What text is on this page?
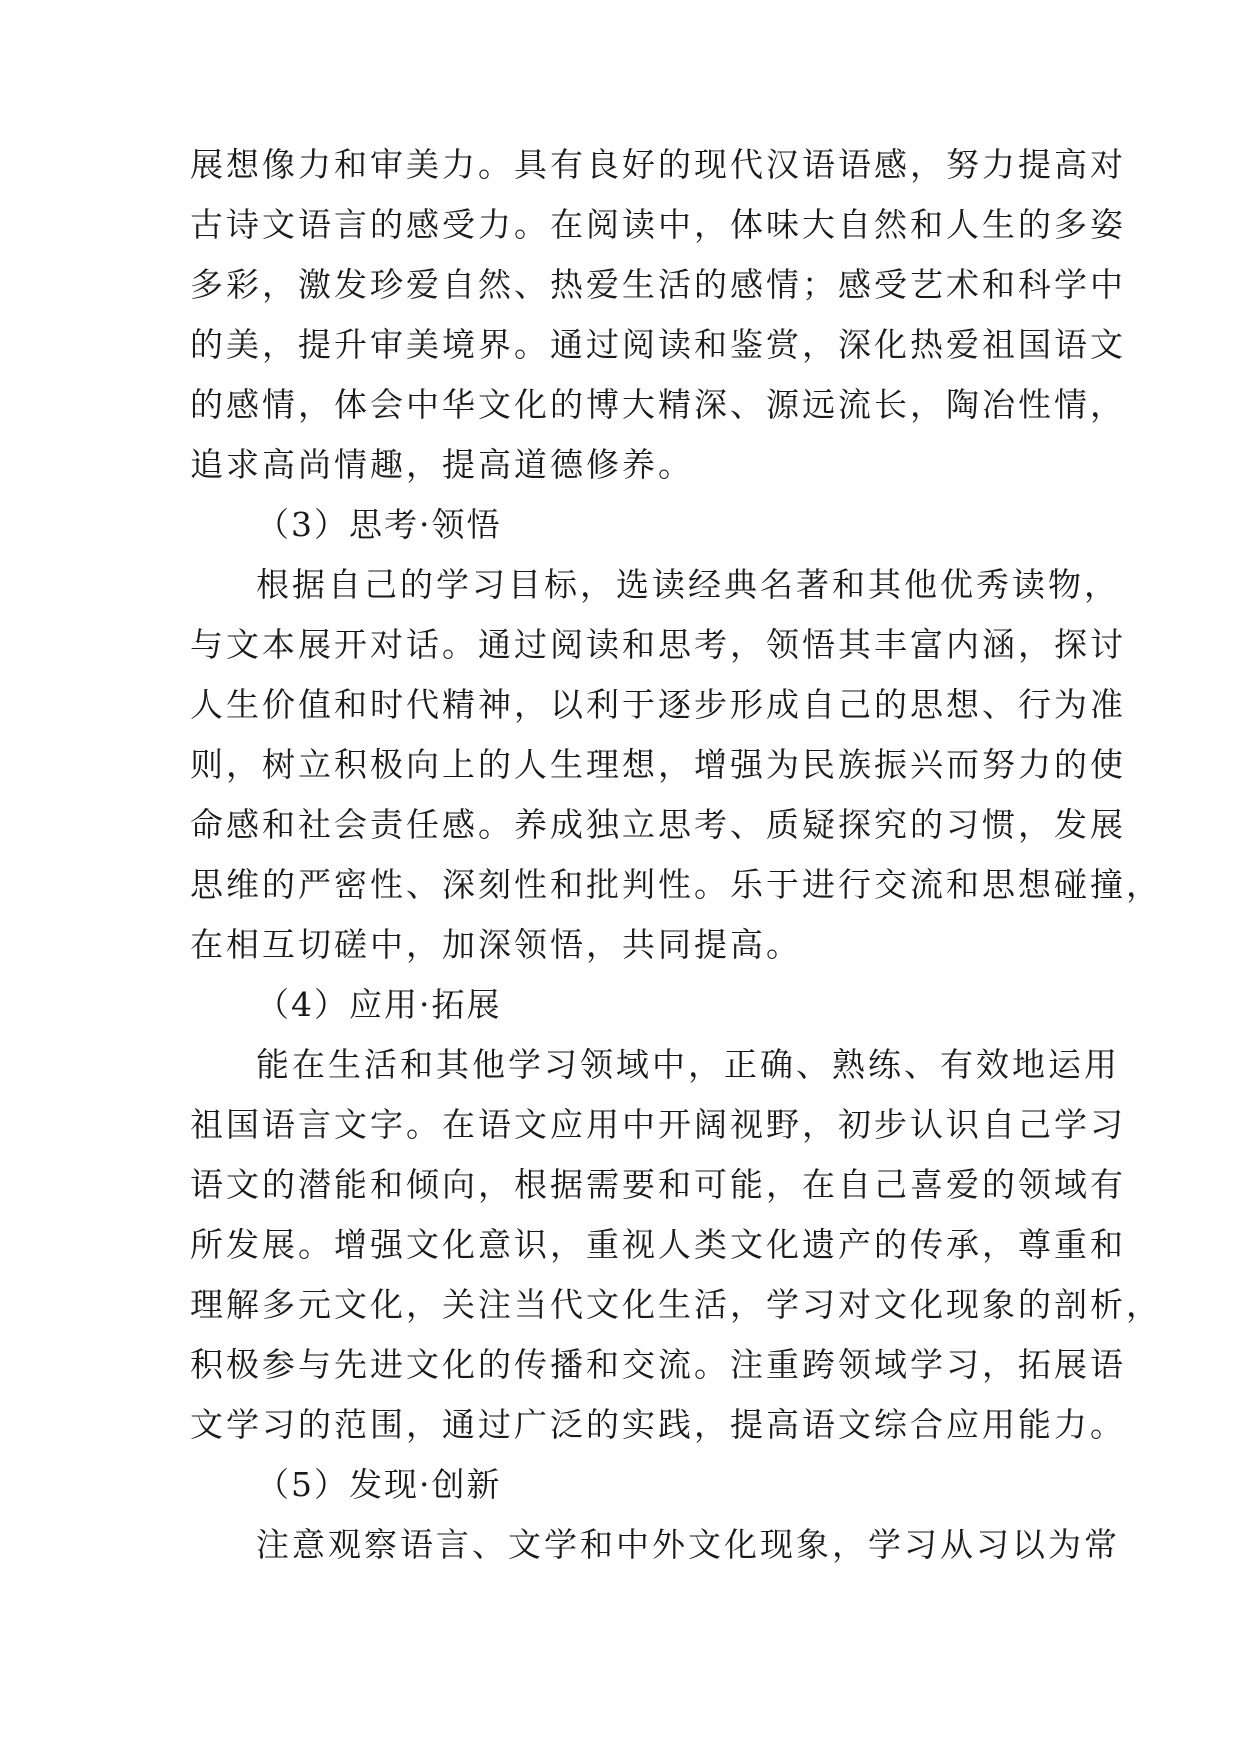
展想像力和审美力。具有良好的现代汉语语感，努力提高对
古诗文语言的感受力。在阅读中，体味大自然和人生的多姿
多彩，激发珍爱自然、热爱生活的感情；感受艺术和科学中
的美，提升审美境界。通过阅读和鉴赏，深化热爱祖国语文
的感情，体会中华文化的博大精深、源远流长，陶冶性情，
追求高尚情趣，提高道德修养。
（3）思考·领悟
根据自己的学习目标，选读经典名著和其他优秀读物，
与文本展开对话。通过阅读和思考，领悟其丰富内涵，探讨
人生价值和时代精神，以利于逐步形成自己的思想、行为准
则，树立积极向上的人生理想，增强为民族振兴而努力的使
命感和社会责任感。养成独立思考、质疑探究的习惯，发展
思维的严密性、深刻性和批判性。乐于进行交流和思想碰撞，
在相互切磋中，加深领悟，共同提高。
（4）应用·拓展
能在生活和其他学习领域中，正确、熟练、有效地运用
祖国语言文字。在语文应用中开阔视野，初步认识自己学习
语文的潜能和倾向，根据需要和可能，在自己喜爱的领域有
所发展。增强文化意识，重视人类文化遗产的传承，尊重和
理解多元文化，关注当代文化生活，学习对文化现象的剖析，
积极参与先进文化的传播和交流。注重跨领域学习，拓展语
文学习的范围，通过广泛的实践，提高语文综合应用能力。
（5）发现·创新
注意观察语言、文学和中外文化现象，学习从习以为常
